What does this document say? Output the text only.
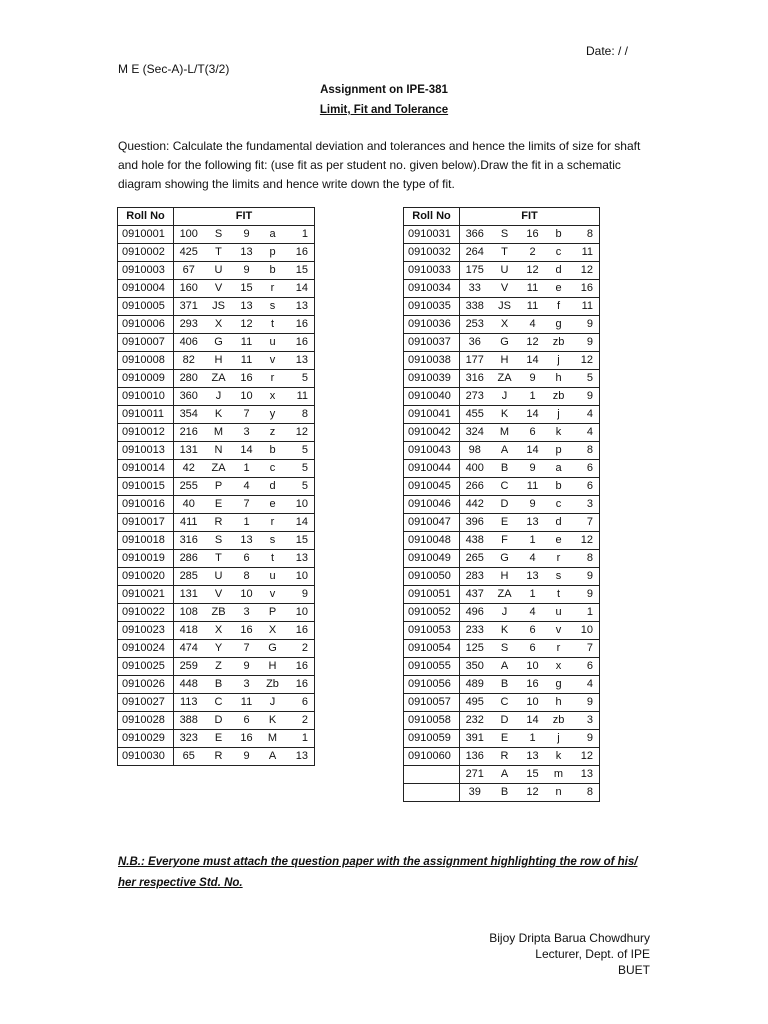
Date: / /
M E (Sec-A)-L/T(3/2)
Assignment on IPE-381
Limit, Fit and Tolerance
Question: Calculate the fundamental deviation and tolerances and hence the limits of size for shaft and hole for the following fit: (use fit as per student no. given below).Draw the fit in a schematic diagram showing the limits and hence write down the type of fit.
Roll No	FIT				
0910001	100	S	9	a	1
0910002	425	T	13	p	16
0910003	67	U	9	b	15
0910004	160	V	15	r	14
0910005	371	JS	13	s	13
0910006	293	X	12	t	16
0910007	406	G	11	u	16
0910008	82	H	11	v	13
0910009	280	ZA	16	r	5
0910010	360	J	10	x	11
0910011	354	K	7	y	8
0910012	216	M	3	z	12
0910013	131	N	14	b	5
0910014	42	ZA	1	c	5
0910015	255	P	4	d	5
0910016	40	E	7	e	10
0910017	411	R	1	r	14
0910018	316	S	13	s	15
0910019	286	T	6	t	13
0910020	285	U	8	u	10
0910021	131	V	10	v	9
0910022	108	ZB	3	P	10
0910023	418	X	16	X	16
0910024	474	Y	7	G	2
0910025	259	Z	9	H	16
0910026	448	B	3	Zb	16
0910027	113	C	11	J	6
0910028	388	D	6	K	2
0910029	323	E	16	M	1
0910030	65	R	9	A	13
Roll No	FIT				
0910031	366	S	16	b	8
0910032	264	T	2	c	11
0910033	175	U	12	d	12
0910034	33	V	11	e	16
0910035	338	JS	11	f	11
0910036	253	X	4	g	9
0910037	36	G	12	zb	9
0910038	177	H	14	j	12
0910039	316	ZA	9	h	5
0910040	273	J	1	zb	9
0910041	455	K	14	j	4
0910042	324	M	6	k	4
0910043	98	A	14	p	8
0910044	400	B	9	a	6
0910045	266	C	11	b	6
0910046	442	D	9	c	3
0910047	396	E	13	d	7
0910048	438	F	1	e	12
0910049	265	G	4	r	8
0910050	283	H	13	s	9
0910051	437	ZA	1	t	9
0910052	496	J	4	u	1
0910053	233	K	6	v	10
0910054	125	S	6	r	7
0910055	350	A	10	x	6
0910056	489	B	16	g	4
0910057	495	C	10	h	9
0910058	232	D	14	zb	3
0910059	391	E	1	j	9
0910060	136	R	13	k	12
	271	A	15	m	13
	39	B	12	n	8
N.B.: Everyone must attach the question paper with the assignment highlighting the row of his/ her respective Std. No.
Bijoy Dripta Barua Chowdhury
Lecturer, Dept. of IPE
BUET
